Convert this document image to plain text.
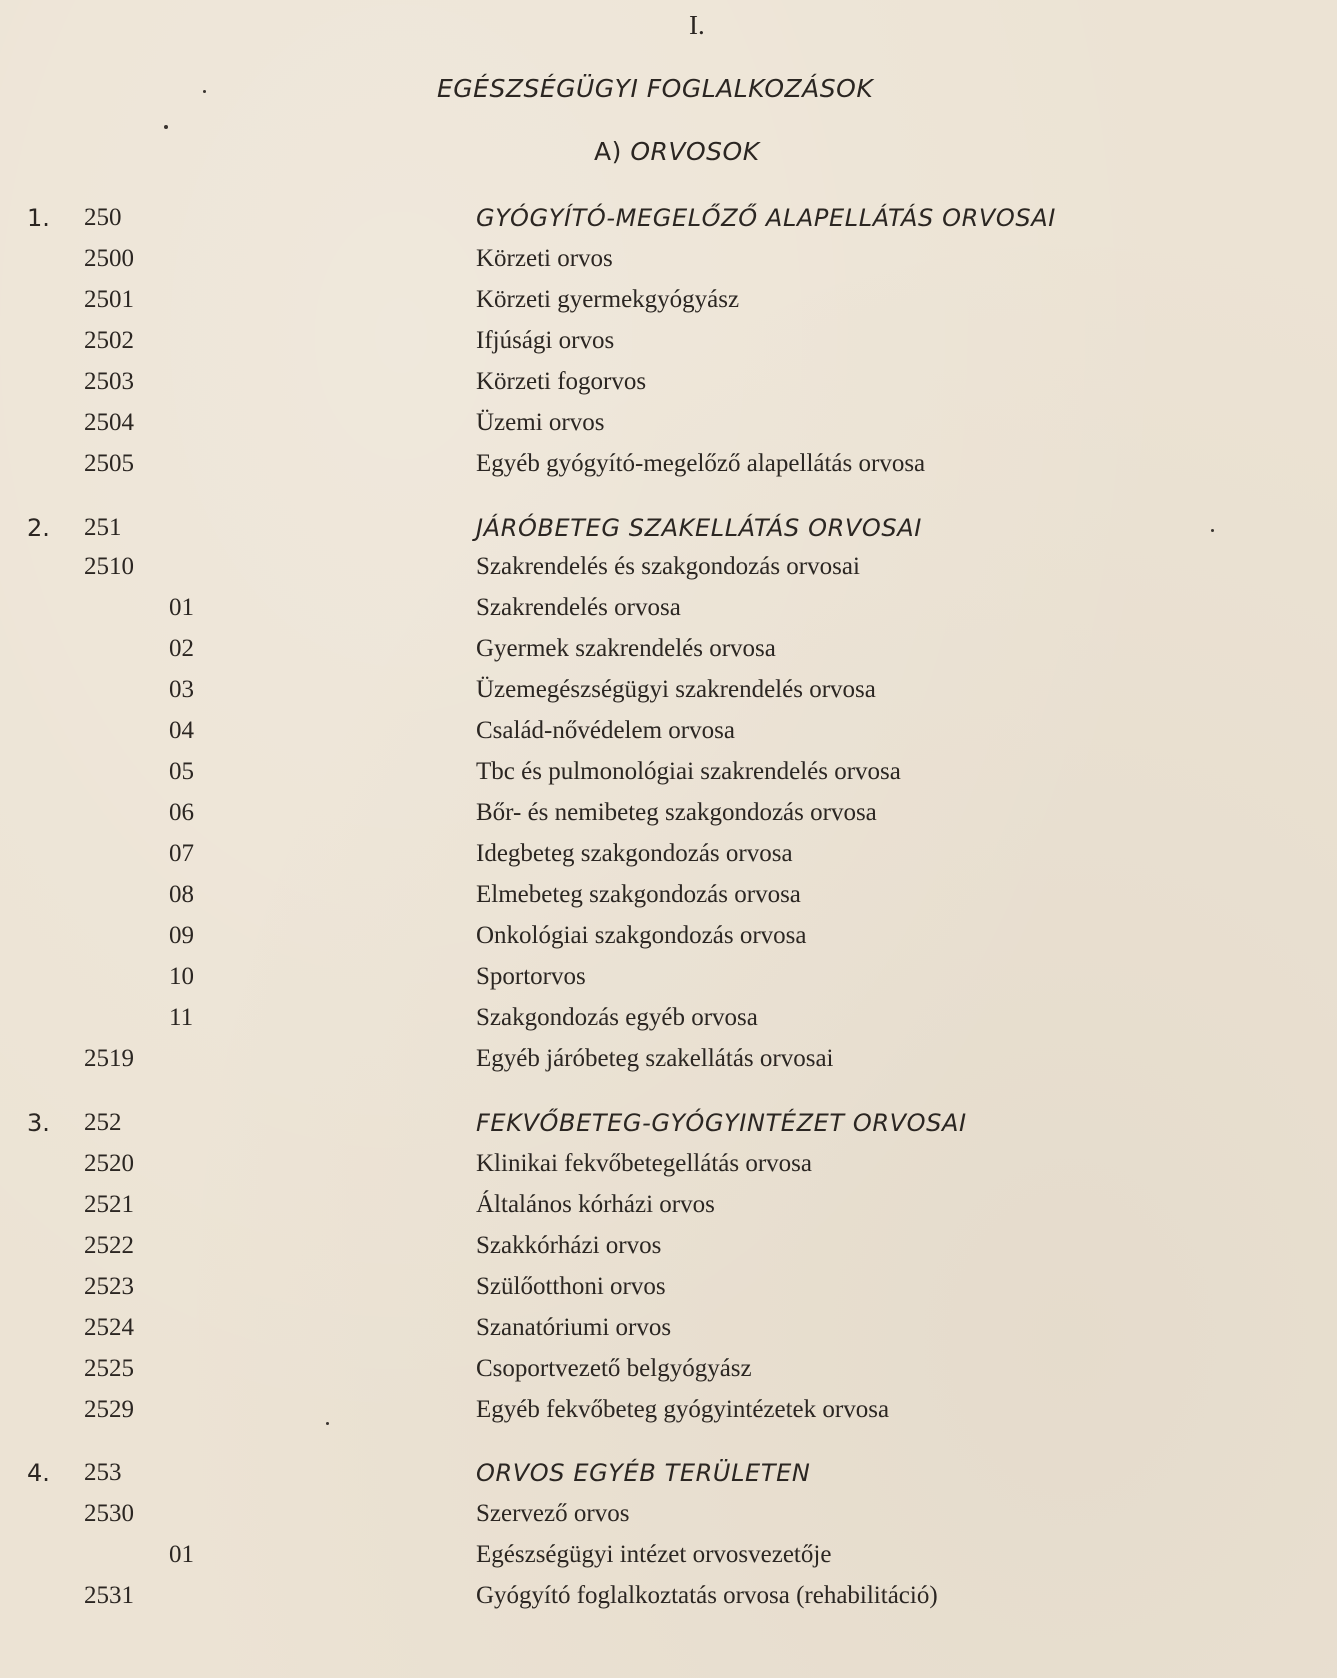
I.
EGÉSZSÉGÜGYI FOGLALKOZÁSOK
A) ORVOSOK
1. 250	GYÓGYÍTÓ-MEGELŐZŐ ALAPELLÁTÁS ORVOSAI
2500	Körzeti orvos
2501	Körzeti gyermekgyógyász
2502	Ifjúsági orvos
2503	Körzeti fogorvos
2504	Üzemi orvos
2505	Egyéb gyógyító-megelőző alapellátás orvosa
2. 251	JÁRÓBETEG SZAKELLÁTÁS ORVOSAI
2510	Szakrendelés és szakgondozás orvosai
01	Szakrendelés orvosa
02	Gyermek szakrendelés orvosa
03	Üzemegészségügyi szakrendelés orvosa
04	Család-nővédelem orvosa
05	Tbc és pulmonológiai szakrendelés orvosa
06	Bőr- és nemibeteg szakgondozás orvosa
07	Idegbeteg szakgondozás orvosa
08	Elmebeteg szakgondozás orvosa
09	Onkológiai szakgondozás orvosa
10	Sportorvos
11	Szakgondozás egyéb orvosa
2519	Egyéb járóbeteg szakellátás orvosai
3. 252	FEKVŐBETEG-GYÓGYINTÉZET ORVOSAI
2520	Klinikai fekvőbetegellátás orvosa
2521	Általános kórházi orvos
2522	Szakkórházi orvos
2523	Szülőotthoni orvos
2524	Szanatóriumi orvos
2525	Csoportvezető belgyógyász
2529	Egyéb fekvőbeteg gyógyintézetek orvosa
4. 253	ORVOS EGYÉB TERÜLETEN
2530	Szervező orvos
01	Egészségügyi intézet orvosvezetője
2531	Gyógyító foglalkoztatás orvosa (rehabilitáció)
